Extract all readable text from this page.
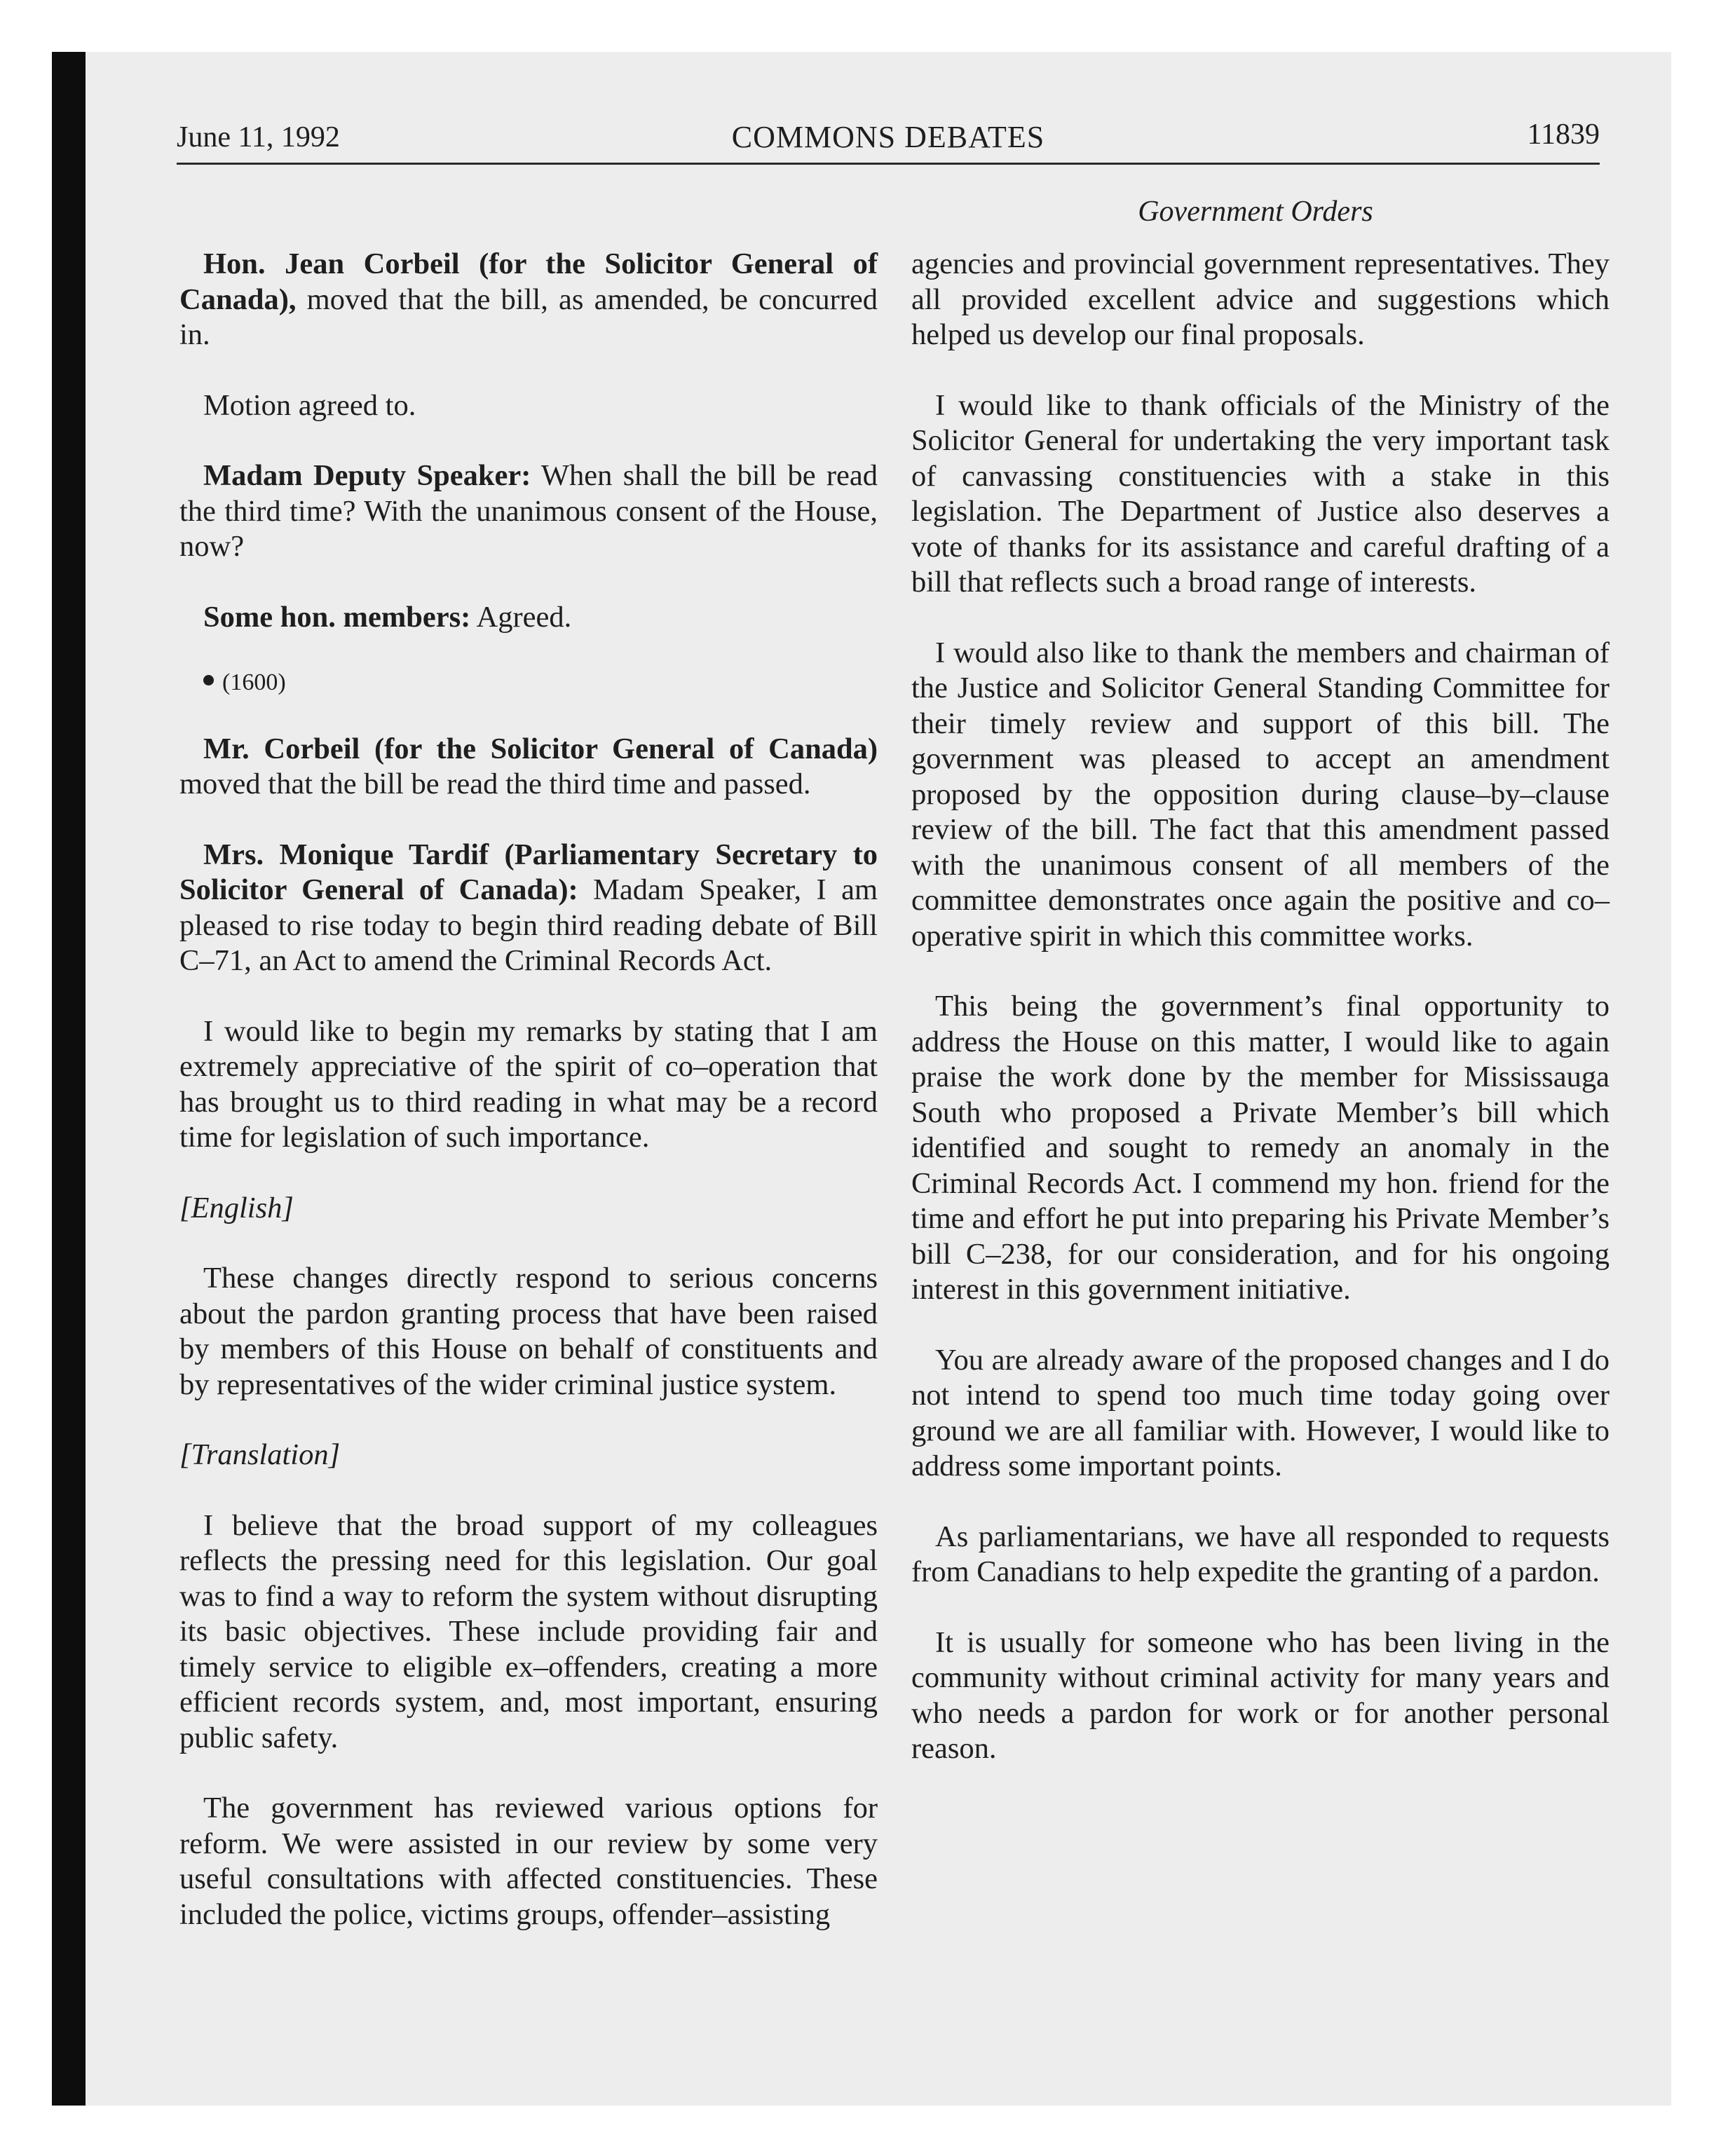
June 11, 1992	COMMONS DEBATES	11839
Government Orders

Hon. Jean Corbeil (for the Solicitor General of Canada), moved that the bill, as amended, be concurred in.

Motion agreed to.

Madam Deputy Speaker: When shall the bill be read the third time? With the unanimous consent of the House, now?

Some hon. members: Agreed.

(1600)

Mr. Corbeil (for the Solicitor General of Canada) moved that the bill be read the third time and passed.

Mrs. Monique Tardif (Parliamentary Secretary to Solicitor General of Canada): Madam Speaker, I am pleased to rise today to begin third reading debate of Bill C–71, an Act to amend the Criminal Records Act.

I would like to begin my remarks by stating that I am extremely appreciative of the spirit of co–operation that has brought us to third reading in what may be a record time for legislation of such importance.

[English]

These changes directly respond to serious concerns about the pardon granting process that have been raised by members of this House on behalf of constituents and by representatives of the wider criminal justice system.

[Translation]

I believe that the broad support of my colleagues reflects the pressing need for this legislation. Our goal was to find a way to reform the system without disrupting its basic objectives. These include providing fair and timely service to eligible ex–offenders, creating a more efficient records system, and, most important, ensuring public safety.

The government has reviewed various options for reform. We were assisted in our review by some very useful consultations with affected constituencies. These included the police, victims groups, offender–assisting

agencies and provincial government representatives. They all provided excellent advice and suggestions which helped us develop our final proposals.

I would like to thank officials of the Ministry of the Solicitor General for undertaking the very important task of canvassing constituencies with a stake in this legislation. The Department of Justice also deserves a vote of thanks for its assistance and careful drafting of a bill that reflects such a broad range of interests.

I would also like to thank the members and chairman of the Justice and Solicitor General Standing Committee for their timely review and support of this bill. The government was pleased to accept an amendment proposed by the opposition during clause–by–clause review of the bill. The fact that this amendment passed with the unanimous consent of all members of the committee demonstrates once again the positive and co–operative spirit in which this committee works.

This being the government’s final opportunity to address the House on this matter, I would like to again praise the work done by the member for Mississauga South who proposed a Private Member’s bill which identified and sought to remedy an anomaly in the Criminal Records Act. I commend my hon. friend for the time and effort he put into preparing his Private Member’s bill C–238, for our consideration, and for his ongoing interest in this government initiative.

You are already aware of the proposed changes and I do not intend to spend too much time today going over ground we are all familiar with. However, I would like to address some important points.

As parliamentarians, we have all responded to requests from Canadians to help expedite the granting of a pardon.

It is usually for someone who has been living in the community without criminal activity for many years and who needs a pardon for work or for another personal reason.
